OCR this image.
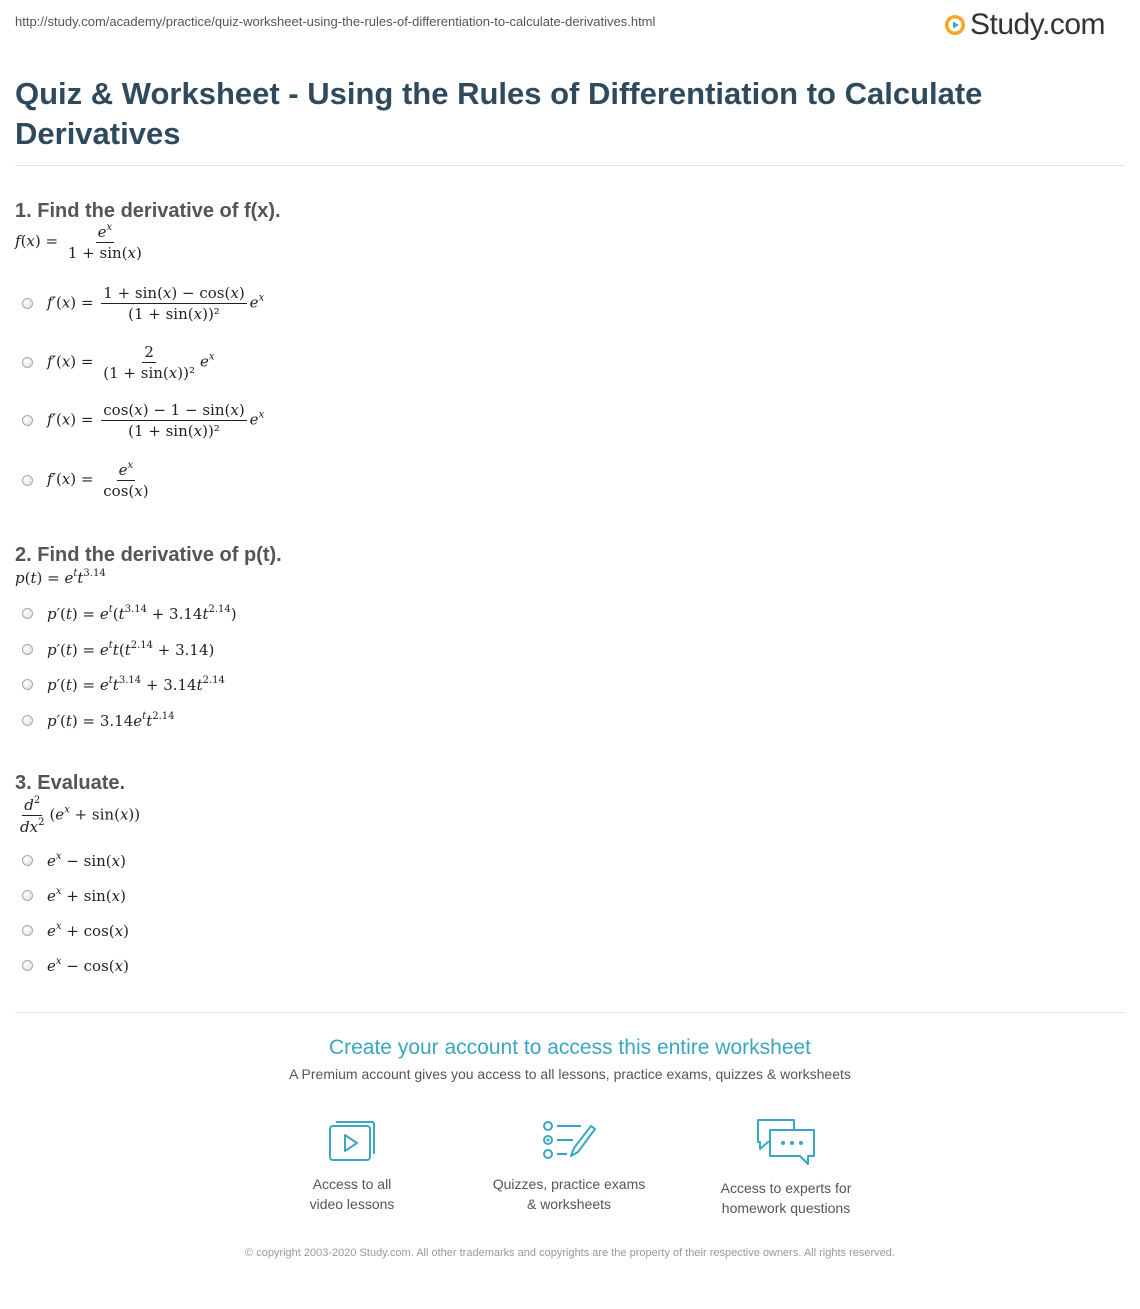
http://study.com/academy/practice/quiz-worksheet-using-the-rules-of-differentiation-to-calculate-derivatives.html	Study.com
Quiz & Worksheet - Using the Rules of Differentiation to Calculate Derivatives
1. Find the derivative of f(x).
$f(x) = \frac{e^x}{1 + \sin(x)}$
$f'(x) = \frac{1 + \sin(x) - \cos(x)}{\text{(1 + sin(x))²}} e^x$
$f'(x) = \frac{2}{\text{(1 + sin(x))²}} e^x$
$f'(x) = \frac{\cos(x) - 1 - \sin(x)}{\text{(1 + sin(x))²}} e^x$
$f'(x) = \frac{e^x}{\cos(x)}$
2. Find the derivative of p(t).
$p(t) = e^tt^{3.14}$
$p'(t) = e^t(t^{3.14} + 3.14t^{2.14})$
$p'(t) = e^tt(t^{2.14} + 3.14)$
$p'(t) = e^tt^{3.14} + 3.14t^{2.14}$
$p'(t) = 3.14e^tt^{2.14}$
3. Evaluate.
$\frac{d^2}{dx^2} (e^x + \sin(x))$
$e^x - \sin(x)$
$e^x + \sin(x)$
$e^x + \cos(x)$
$e^x - \cos(x)$
Create your account to access this entire worksheet
A Premium account gives you access to all lessons, practice exams, quizzes & worksheets
Access to all
video lessons
Quizzes, practice exams
& worksheets
Access to experts for
homework questions
© copyright 2003-2020 Study.com. All other trademarks and copyrights are the property of their respective owners. All rights reserved.
